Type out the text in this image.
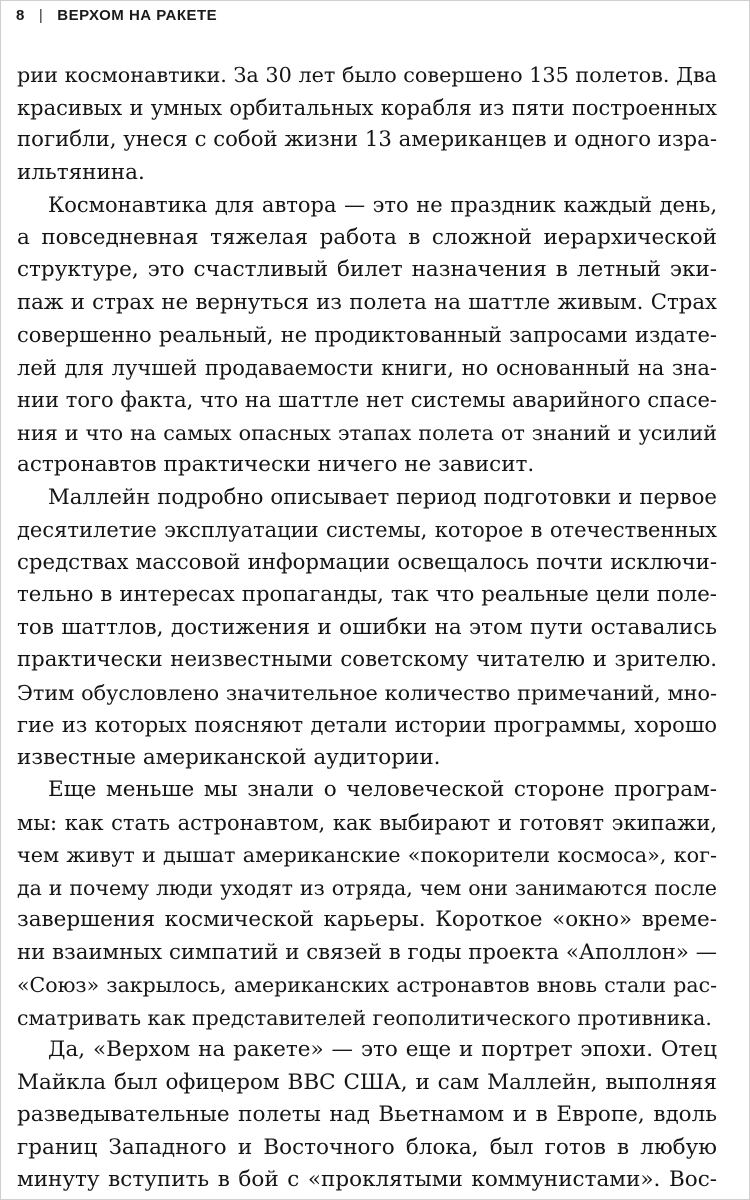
8 | ВЕРХОМ НА РАКЕТЕ
рии космонавтики. За 30 лет было совершено 135 полетов. Два
красивых и умных орбитальных корабля из пяти построенных
погибли, унеся с собой жизни 13 американцев и одного изра-
ильтянина.
Космонавтика для автора — это не праздник каждый день,
а повседневная тяжелая работа в сложной иерархической
структуре, это счастливый билет назначения в летный эки-
паж и страх не вернуться из полета на шаттле живым. Страх
совершенно реальный, не продиктованный запросами издате-
лей для лучшей продаваемости книги, но основанный на зна-
нии того факта, что на шаттле нет системы аварийного спасе-
ния и что на самых опасных этапах полета от знаний и усилий
астронавтов практически ничего не зависит.
Маллейн подробно описывает период подготовки и первое
десятилетие эксплуатации системы, которое в отечественных
средствах массовой информации освещалось почти исключи-
тельно в интересах пропаганды, так что реальные цели поле-
тов шаттлов, достижения и ошибки на этом пути оставались
практически неизвестными советскому читателю и зрителю.
Этим обусловлено значительное количество примечаний, мно-
гие из которых поясняют детали истории программы, хорошо
известные американской аудитории.
Еще меньше мы знали о человеческой стороне програм-
мы: как стать астронавтом, как выбирают и готовят экипажи,
чем живут и дышат американские «покорители космоса», ког-
да и почему люди уходят из отряда, чем они занимаются после
завершения космической карьеры. Короткое «окно» време-
ни взаимных симпатий и связей в годы проекта «Аполлон» —
«Союз» закрылось, американских астронавтов вновь стали рас-
сматривать как представителей геополитического противника.
Да, «Верхом на ракете» — это еще и портрет эпохи. Отец
Майкла был офицером ВВС США, и сам Маллейн, выполняя
разведывательные полеты над Вьетнамом и в Европе, вдоль
границ Западного и Восточного блока, был готов в любую
минуту вступить в бой с «проклятыми коммунистами». Вос-
